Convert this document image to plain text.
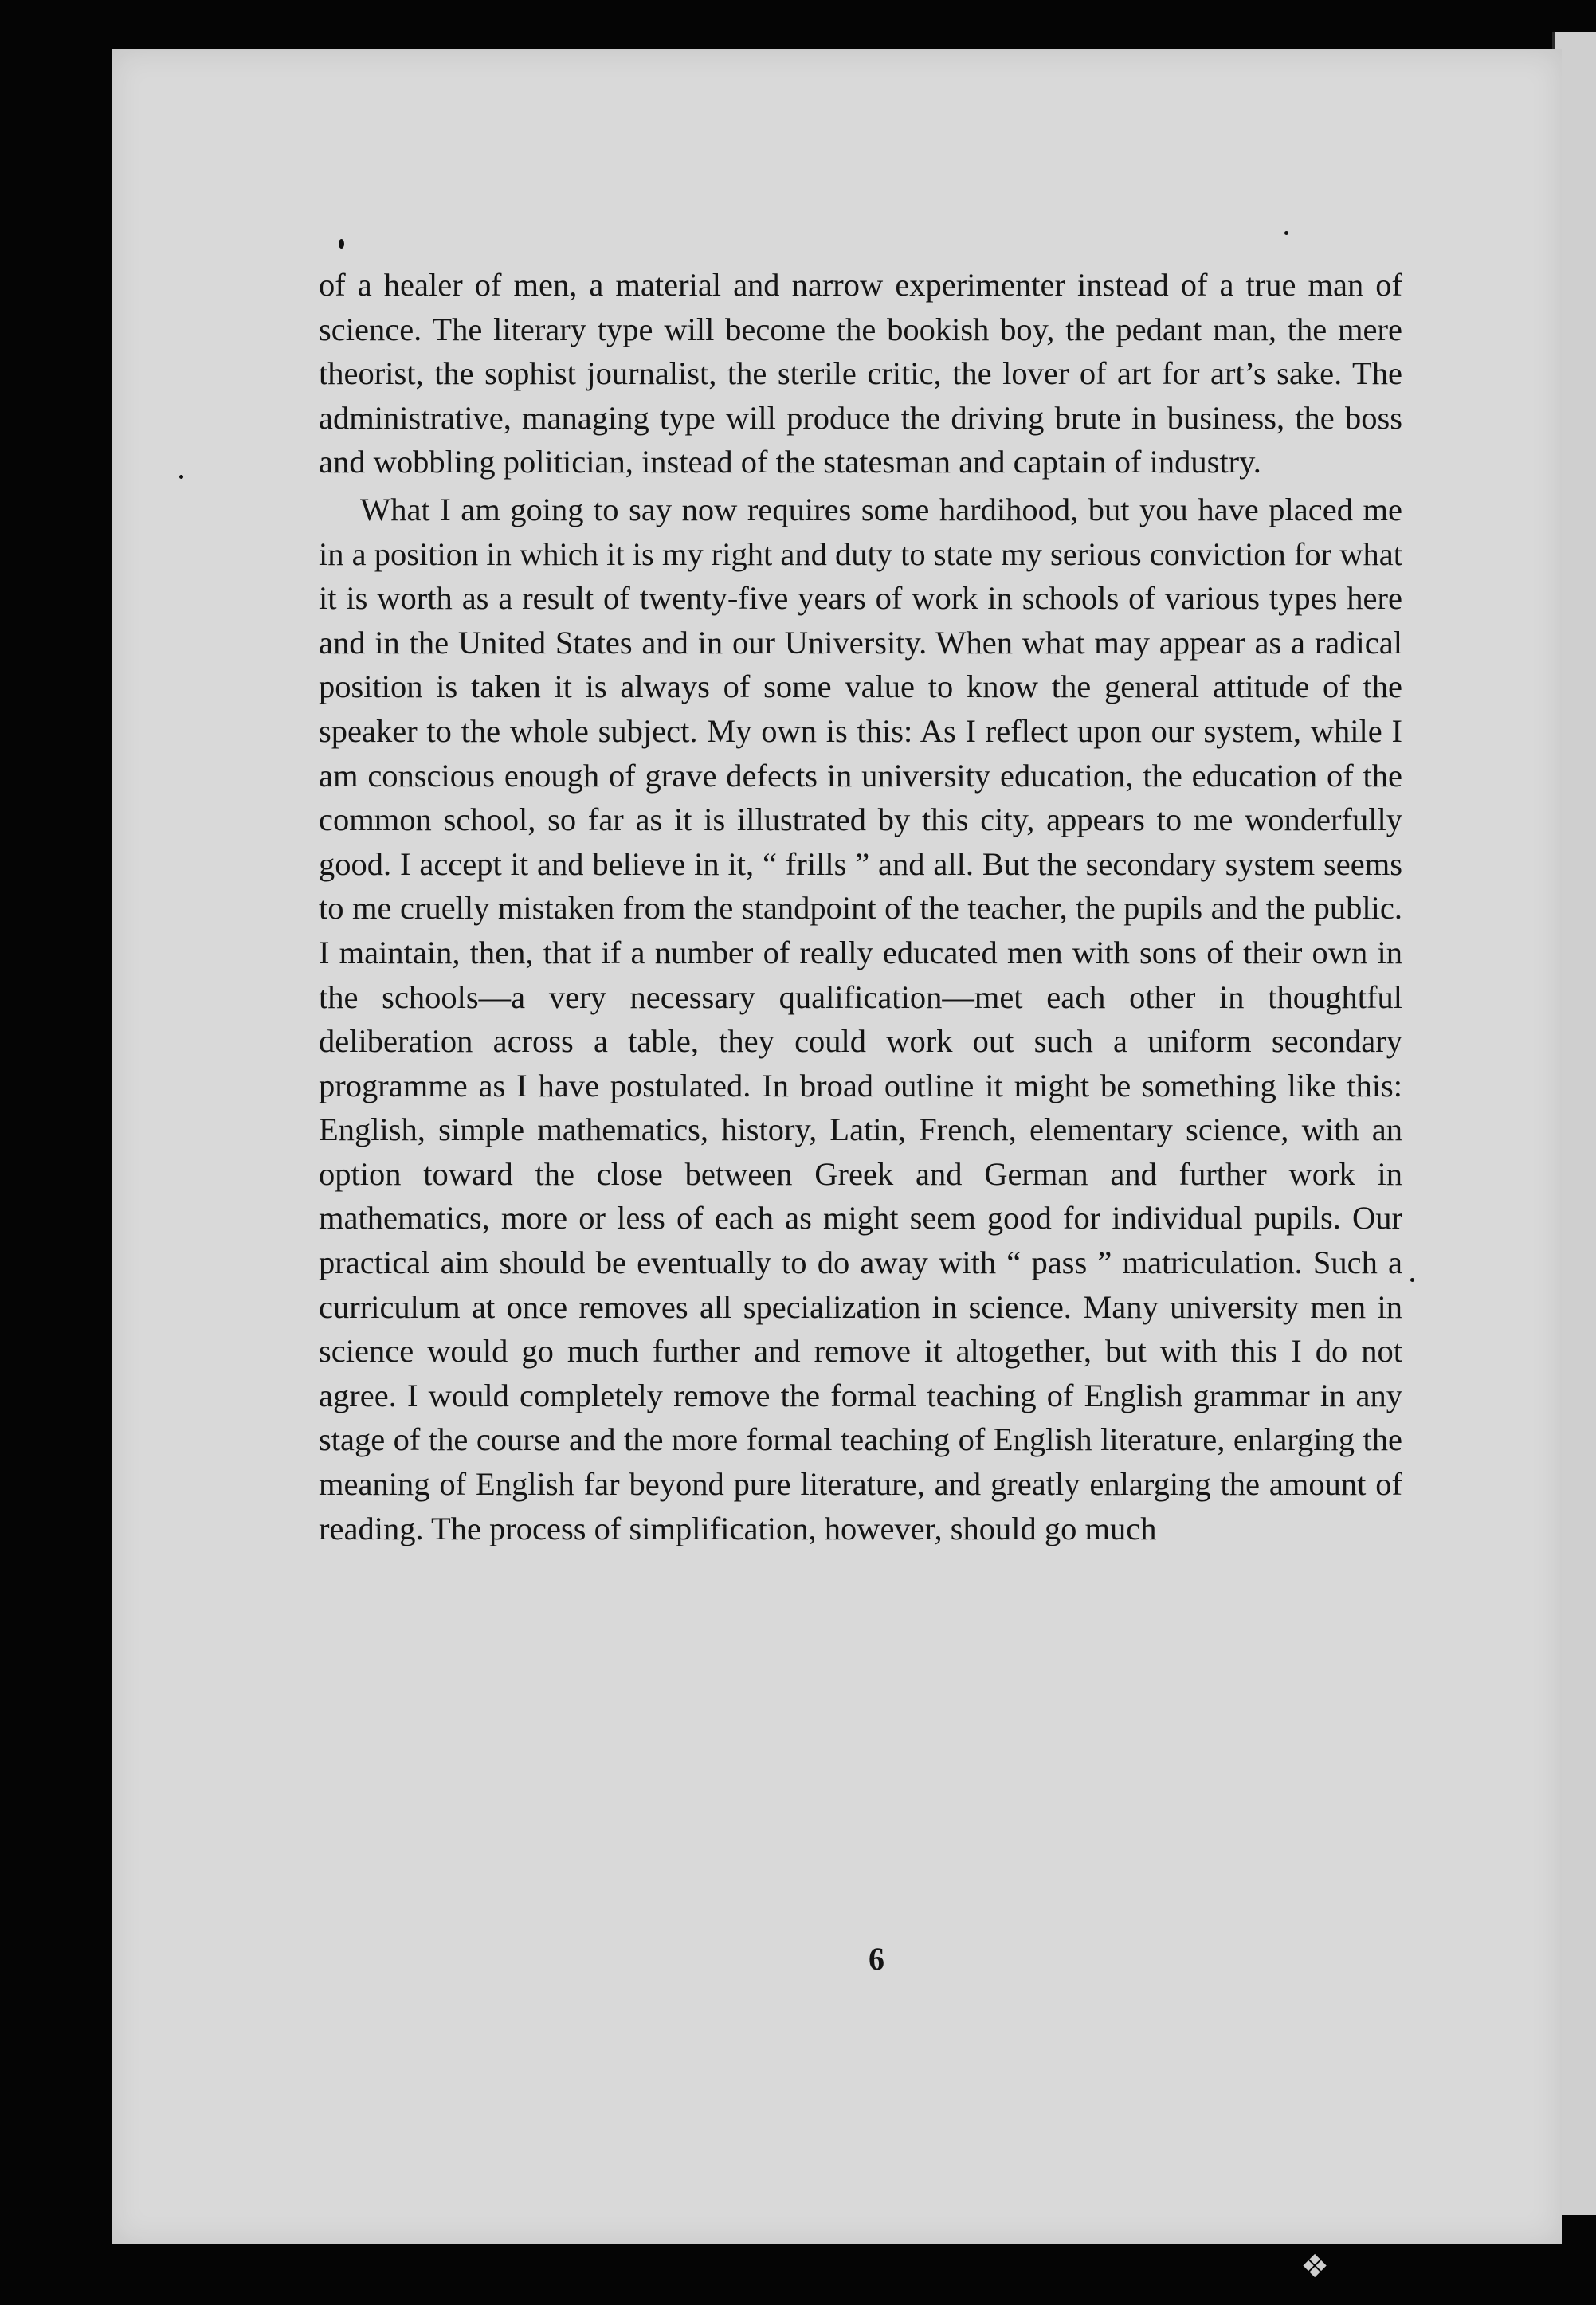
of a healer of men, a material and narrow experimenter instead of a true man of science. The literary type will become the bookish boy, the pedant man, the mere theorist, the sophist journalist, the sterile critic, the lover of art for art’s sake. The administrative, managing type will produce the driving brute in business, the boss and wobbling politician, instead of the statesman and captain of industry.

What I am going to say now requires some hardihood, but you have placed me in a position in which it is my right and duty to state my serious conviction for what it is worth as a result of twenty-five years of work in schools of various types here and in the United States and in our University. When what may appear as a radical position is taken it is always of some value to know the general attitude of the speaker to the whole subject. My own is this: As I reflect upon our system, while I am conscious enough of grave defects in university education, the education of the common school, so far as it is illustrated by this city, appears to me wonderfully good. I accept it and believe in it, “ frills ” and all. But the secondary system seems to me cruelly mistaken from the standpoint of the teacher, the pupils and the public. I maintain, then, that if a number of really educated men with sons of their own in the schools—a very necessary qualification—met each other in thoughtful deliberation across a table, they could work out such a uniform secondary programme as I have postulated. In broad outline it might be something like this: English, simple mathematics, history, Latin, French, elementary science, with an option toward the close between Greek and German and further work in mathematics, more or less of each as might seem good for individual pupils. Our practical aim should be eventually to do away with “ pass ” matriculation. Such a curriculum at once removes all specialization in science. Many university men in science would go much further and remove it altogether, but with this I do not agree. I would completely remove the formal teaching of English grammar in any stage of the course and the more formal teaching of English literature, enlarging the meaning of English far beyond pure literature, and greatly enlarging the amount of reading. The process of simplification, however, should go much

6
❖
